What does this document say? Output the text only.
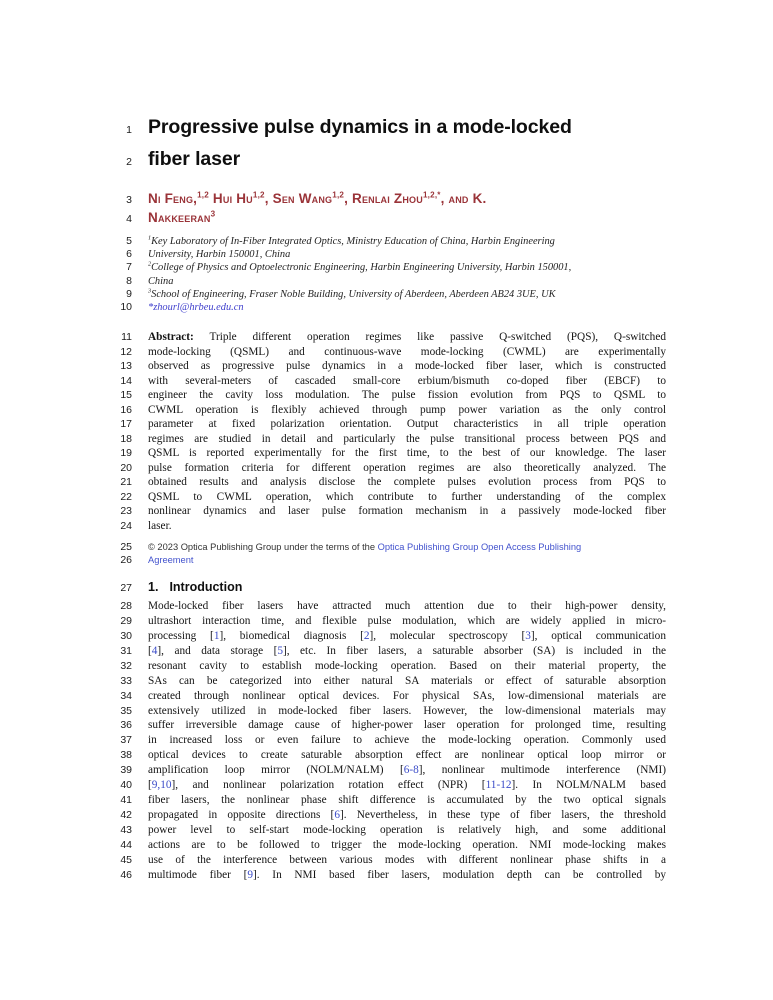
1 Progressive pulse dynamics in a mode-locked
2 fiber laser
3 Ni Feng,$^{1,2}$ Hui Hu$^{1,2}$, Sen Wang$^{1,2}$, Renlai Zhou$^{1,2,*}$, and K.
4 Nakkeeran$^3$
5	$^1$Key Laboratory of In-Fiber Integrated Optics, Ministry Education of China, Harbin Engineering
6 University, Harbin 150001, China
7	$^2$College of Physics and Optoelectronic Engineering, Harbin Engineering University, Harbin 150001,
8 China
9	$^3$School of Engineering, Fraser Noble Building, University of Aberdeen, Aberdeen AB24 3UE, UK
10 *zhourl@hrbeu.edu.cn
11 Abstract: Triple different operation regimes like passive Q-switched (PQS), Q-switched
12 mode-locking (QSML) and continuous-wave mode-locking (CWML) are experimentally
13 observed as progressive pulse dynamics in a mode-locked fiber laser, which is constructed
14 with several-meters of cascaded small-core erbium/bismuth co-doped fiber (EBCF) to
15 engineer the cavity loss modulation. The pulse fission evolution from PQS to QSML to
16 CWML operation is flexibly achieved through pump power variation as the only control
17 parameter at fixed polarization orientation. Output characteristics in all triple operation
18 regimes are studied in detail and particularly the pulse transitional process between PQS and
19 QSML is reported experimentally for the first time, to the best of our knowledge. The laser
20 pulse formation criteria for different operation regimes are also theoretically analyzed. The
21 obtained results and analysis disclose the complete pulses evolution process from PQS to
22 QSML to CWML operation, which contribute to further understanding of the complex
23 nonlinear dynamics and laser pulse formation mechanism in a passively mode-locked fiber
24 laser.
25 © 2023 Optica Publishing Group under the terms of the Optica Publishing Group Open Access Publishing
26 Agreement
27 1. Introduction
28 Mode-locked fiber lasers have attracted much attention due to their high-power density,
29 ultrashort interaction time, and flexible pulse modulation, which are widely applied in micro-
30 processing [1], biomedical diagnosis [2], molecular spectroscopy [3], optical communication
31 [4], and data storage [5], etc. In fiber lasers, a saturable absorber (SA) is included in the
32 resonant cavity to establish mode-locking operation. Based on their material property, the
33 SAs can be categorized into either natural SA materials or effect of saturable absorption
34 created through nonlinear optical devices. For physical SAs, low-dimensional materials are
35 extensively utilized in mode-locked fiber lasers. However, the low-dimensional materials may
36 suffer irreversible damage cause of higher-power laser operation for prolonged time, resulting
37 in increased loss or even failure to achieve the mode-locking operation. Commonly used
38 optical devices to create saturable absorption effect are nonlinear optical loop mirror or
39 amplification loop mirror (NOLM/NALM) [6-8], nonlinear multimode interference (NMI)
40 [9,10], and nonlinear polarization rotation effect (NPR) [11-12]. In NOLM/NALM based
41 fiber lasers, the nonlinear phase shift difference is accumulated by the two optical signals
42 propagated in opposite directions [6]. Nevertheless, in these type of fiber lasers, the threshold
43 power level to self-start mode-locking operation is relatively high, and some additional
44 actions are to be followed to trigger the mode-locking operation. NMI mode-locking makes
45 use of the interference between various modes with different nonlinear phase shifts in a
46 multimode fiber [9]. In NMI based fiber lasers, modulation depth can be controlled by
